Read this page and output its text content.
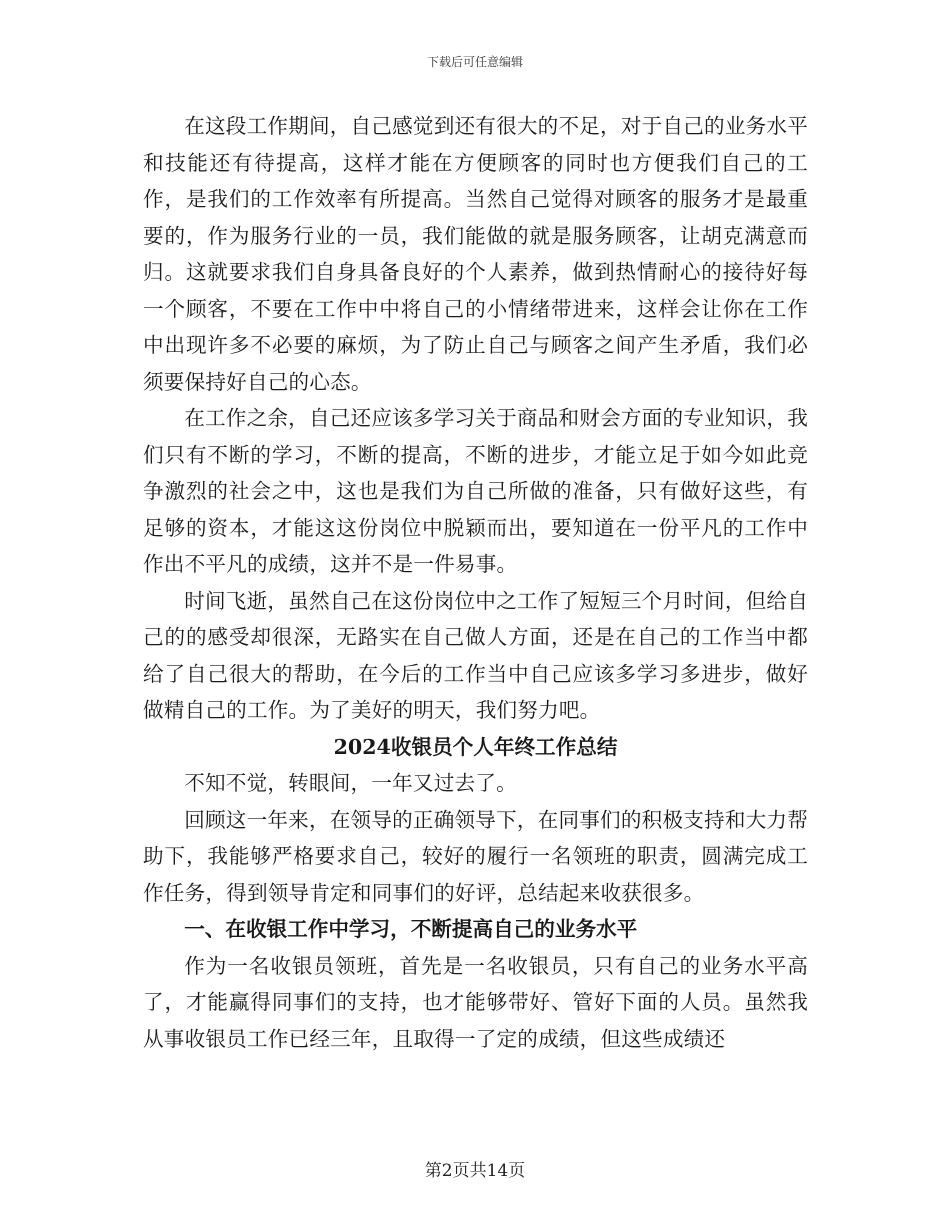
下载后可任意编辑

在这段工作期间，自己感觉到还有很大的不足，对于自己的业务水平和技能还有待提高，这样才能在方便顾客的同时也方便我们自己的工作，是我们的工作效率有所提高。当然自己觉得对顾客的服务才是最重要的，作为服务行业的一员，我们能做的就是服务顾客，让胡克满意而归。这就要求我们自身具备良好的个人素养，做到热情耐心的接待好每一个顾客，不要在工作中中将自己的小情绪带进来，这样会让你在工作中出现许多不必要的麻烦，为了防止自己与顾客之间产生矛盾，我们必须要保持好自己的心态。

在工作之余，自己还应该多学习关于商品和财会方面的专业知识，我们只有不断的学习，不断的提高，不断的进步，才能立足于如今如此竞争激烈的社会之中，这也是我们为自己所做的准备，只有做好这些，有足够的资本，才能这这份岗位中脱颖而出，要知道在一份平凡的工作中作出不平凡的成绩，这并不是一件易事。

时间飞逝，虽然自己在这份岗位中之工作了短短三个月时间，但给自己的的感受却很深，无路实在自己做人方面，还是在自己的工作当中都给了自己很大的帮助，在今后的工作当中自己应该多学习多进步，做好做精自己的工作。为了美好的明天，我们努力吧。

2024收银员个人年终工作总结

不知不觉，转眼间，一年又过去了。

回顾这一年来，在领导的正确领导下，在同事们的积极支持和大力帮助下，我能够严格要求自己，较好的履行一名领班的职责，圆满完成工作任务，得到领导肯定和同事们的好评，总结起来收获很多。

一、在收银工作中学习，不断提高自己的业务水平

作为一名收银员领班，首先是一名收银员，只有自己的业务水平高了，才能赢得同事们的支持，也才能够带好、管好下面的人员。虽然我从事收银员工作已经三年，且取得一了定的成绩，但这些成绩还

第2页共14页
